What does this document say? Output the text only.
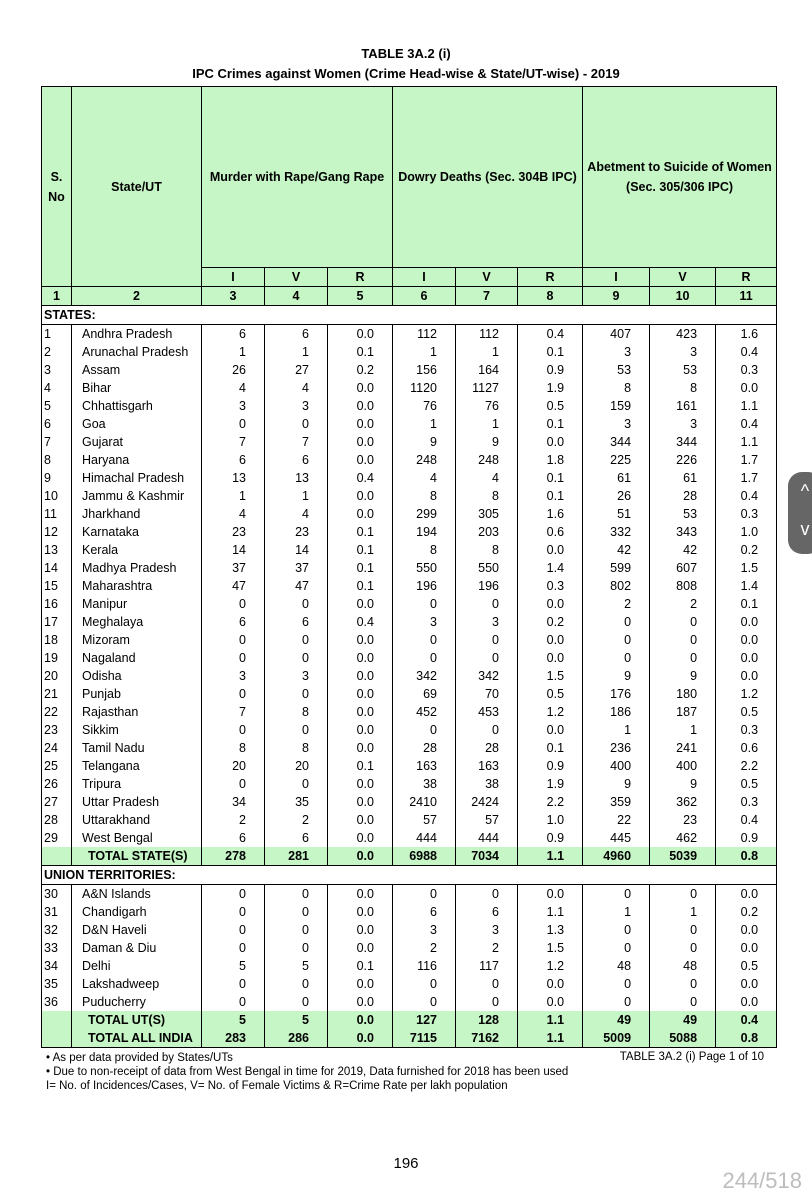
TABLE 3A.2 (i)
IPC Crimes against Women (Crime Head-wise & State/UT-wise) - 2019
S. No	State/UT	Murder with Rape/Gang Rape			Dowry Deaths (Sec. 304B IPC)			Abetment to Suicide of Women (Sec. 305/306 IPC)		
		I	V	R	I	V	R	I	V	R
1	2	3	4	5	6	7	8	9	10	11
STATES:										
1	Andhra Pradesh	6	6	0.0	112	112	0.4	407	423	1.6
2	Arunachal Pradesh	1	1	0.1	1	1	0.1	3	3	0.4
3	Assam	26	27	0.2	156	164	0.9	53	53	0.3
4	Bihar	4	4	0.0	1120	1127	1.9	8	8	0.0
5	Chhattisgarh	3	3	0.0	76	76	0.5	159	161	1.1
6	Goa	0	0	0.0	1	1	0.1	3	3	0.4
7	Gujarat	7	7	0.0	9	9	0.0	344	344	1.1
8	Haryana	6	6	0.0	248	248	1.8	225	226	1.7
9	Himachal Pradesh	13	13	0.4	4	4	0.1	61	61	1.7
10	Jammu & Kashmir	1	1	0.0	8	8	0.1	26	28	0.4
11	Jharkhand	4	4	0.0	299	305	1.6	51	53	0.3
12	Karnataka	23	23	0.1	194	203	0.6	332	343	1.0
13	Kerala	14	14	0.1	8	8	0.0	42	42	0.2
14	Madhya Pradesh	37	37	0.1	550	550	1.4	599	607	1.5
15	Maharashtra	47	47	0.1	196	196	0.3	802	808	1.4
16	Manipur	0	0	0.0	0	0	0.0	2	2	0.1
17	Meghalaya	6	6	0.4	3	3	0.2	0	0	0.0
18	Mizoram	0	0	0.0	0	0	0.0	0	0	0.0
19	Nagaland	0	0	0.0	0	0	0.0	0	0	0.0
20	Odisha	3	3	0.0	342	342	1.5	9	9	0.0
21	Punjab	0	0	0.0	69	70	0.5	176	180	1.2
22	Rajasthan	7	8	0.0	452	453	1.2	186	187	0.5
23	Sikkim	0	0	0.0	0	0	0.0	1	1	0.3
24	Tamil Nadu	8	8	0.0	28	28	0.1	236	241	0.6
25	Telangana	20	20	0.1	163	163	0.9	400	400	2.2
26	Tripura	0	0	0.0	38	38	1.9	9	9	0.5
27	Uttar Pradesh	34	35	0.0	2410	2424	2.2	359	362	0.3
28	Uttarakhand	2	2	0.0	57	57	1.0	22	23	0.4
29	West Bengal	6	6	0.0	444	444	0.9	445	462	0.9
	TOTAL STATE(S)	278	281	0.0	6988	7034	1.1	4960	5039	0.8
UNION TERRITORIES:										
30	A&N Islands	0	0	0.0	0	0	0.0	0	0	0.0
31	Chandigarh	0	0	0.0	6	6	1.1	1	1	0.2
32	D&N Haveli	0	0	0.0	3	3	1.3	0	0	0.0
33	Daman & Diu	0	0	0.0	2	2	1.5	0	0	0.0
34	Delhi	5	5	0.1	116	117	1.2	48	48	0.5
35	Lakshadweep	0	0	0.0	0	0	0.0	0	0	0.0
36	Puducherry	0	0	0.0	0	0	0.0	0	0	0.0
	TOTAL UT(S)	5	5	0.0	127	128	1.1	49	49	0.4
	TOTAL ALL INDIA	283	286	0.0	7115	7162	1.1	5009	5088	0.8
• As per data provided by States/UTs
• Due to non-receipt of data from West Bengal in time for 2019, Data furnished for 2018 has been used
I= No. of Incidences/Cases, V= No. of Female Victims & R=Crime Rate per lakh population
TABLE 3A.2 (i) Page 1 of 10
196
244/518
^
v
